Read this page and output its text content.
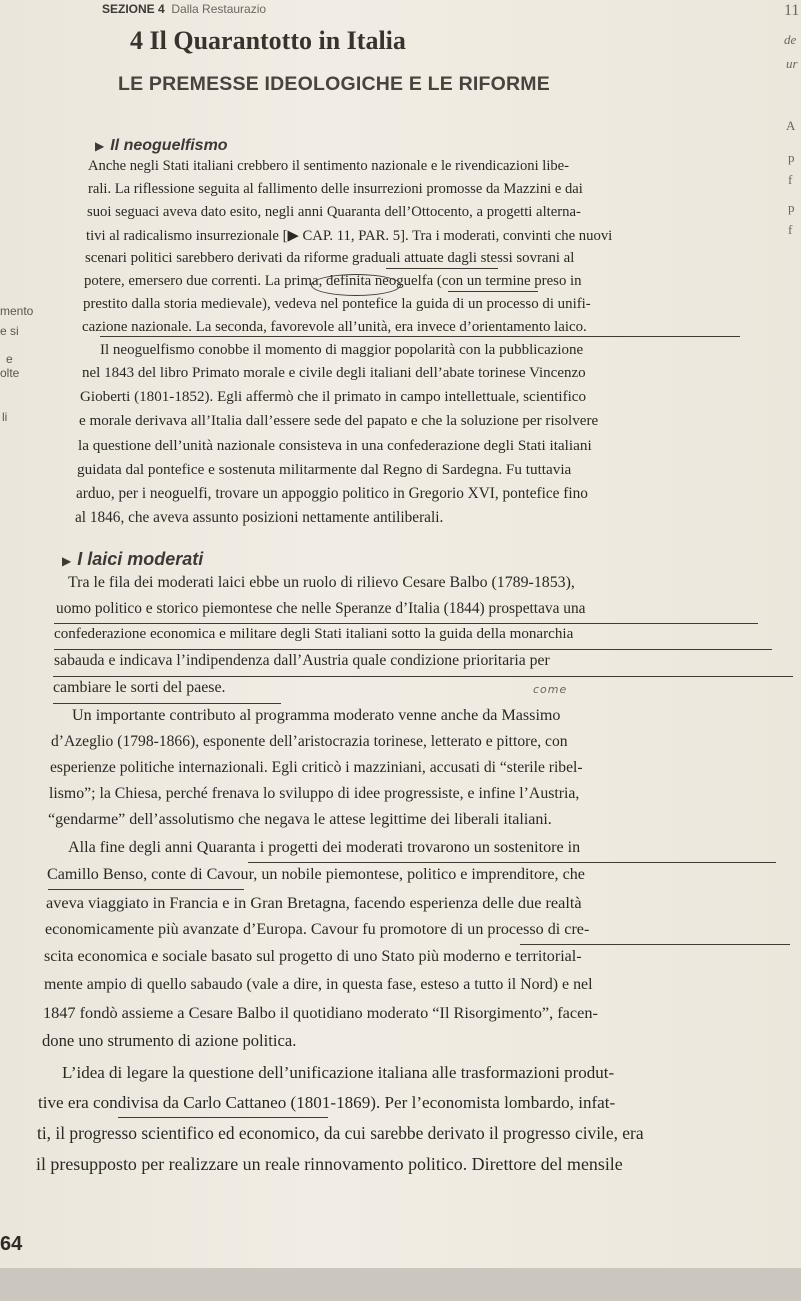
SEZIONE 4 Dalla Restaurazio
4 Il Quarantotto in Italia
LE PREMESSE IDEOLOGICHE E LE RIFORME
▶ Il neoguelfismo
Anche negli Stati italiani crebbero il sentimento nazionale e le rivendicazioni libe-
rali. La riflessione seguita al fallimento delle insurrezioni promosse da Mazzini e dai
suoi seguaci aveva dato esito, negli anni Quaranta dell’Ottocento, a progetti alterna-
tivi al radicalismo insurrezionale [▶ CAP. 11, PAR. 5]. Tra i moderati, convinti che nuovi
scenari politici sarebbero derivati da riforme graduali attuate dagli stessi sovrani al
potere, emersero due correnti. La prima, definita neoguelfa (con un termine preso in
prestito dalla storia medievale), vedeva nel pontefice la guida di un processo di unifi-
cazione nazionale. La seconda, favorevole all’unità, era invece d’orientamento laico.
Il neoguelfismo conobbe il momento di maggior popolarità con la pubblicazione
nel 1843 del libro Primato morale e civile degli italiani dell’abate torinese Vincenzo
Gioberti (1801-1852). Egli affermò che il primato in campo intellettuale, scientifico
e morale derivava all’Italia dall’essere sede del papato e che la soluzione per risolvere
la questione dell’unità nazionale consisteva in una confederazione degli Stati italiani
guidata dal pontefice e sostenuta militarmente dal Regno di Sardegna. Fu tuttavia
arduo, per i neoguelfi, trovare un appoggio politico in Gregorio XVI, pontefice fino
al 1846, che aveva assunto posizioni nettamente antiliberali.
▶ I laici moderati
Tra le fila dei moderati laici ebbe un ruolo di rilievo Cesare Balbo (1789-1853),
uomo politico e storico piemontese che nelle Speranze d’Italia (1844) prospettava una
confederazione economica e militare degli Stati italiani sotto la guida della monarchia
sabauda e indicava l’indipendenza dall’Austria quale condizione prioritaria per
cambiare le sorti del paese.
Un importante contributo al programma moderato venne anche da Massimo
d’Azeglio (1798-1866), esponente dell’aristocrazia torinese, letterato e pittore, con
esperienze politiche internazionali. Egli criticò i mazziniani, accusati di “sterile ribel-
lismo”; la Chiesa, perché frenava lo sviluppo di idee progressiste, e infine l’Austria,
“gendarme” dell’assolutismo che negava le attese legittime dei liberali italiani.
Alla fine degli anni Quaranta i progetti dei moderati trovarono un sostenitore in
Camillo Benso, conte di Cavour, un nobile piemontese, politico e imprenditore, che
aveva viaggiato in Francia e in Gran Bretagna, facendo esperienza delle due realtà
economicamente più avanzate d’Europa. Cavour fu promotore di un processo di cre-
scita economica e sociale basato sul progetto di uno Stato più moderno e territorial-
mente ampio di quello sabaudo (vale a dire, in questa fase, esteso a tutto il Nord) e nel
1847 fondò assieme a Cesare Balbo il quotidiano moderato “Il Risorgimento”, facen-
done uno strumento di azione politica.
L’idea di legare la questione dell’unificazione italiana alle trasformazioni produt-
tive era condivisa da Carlo Cattaneo (1801-1869). Per l’economista lombardo, infat-
ti, il progresso scientifico ed economico, da cui sarebbe derivato il progresso civile, era
il presupposto per realizzare un reale rinnovamento politico. Direttore del mensile
come
mento
e si
e
olte
li
11
de
ur
A
p
f
p
f
64
